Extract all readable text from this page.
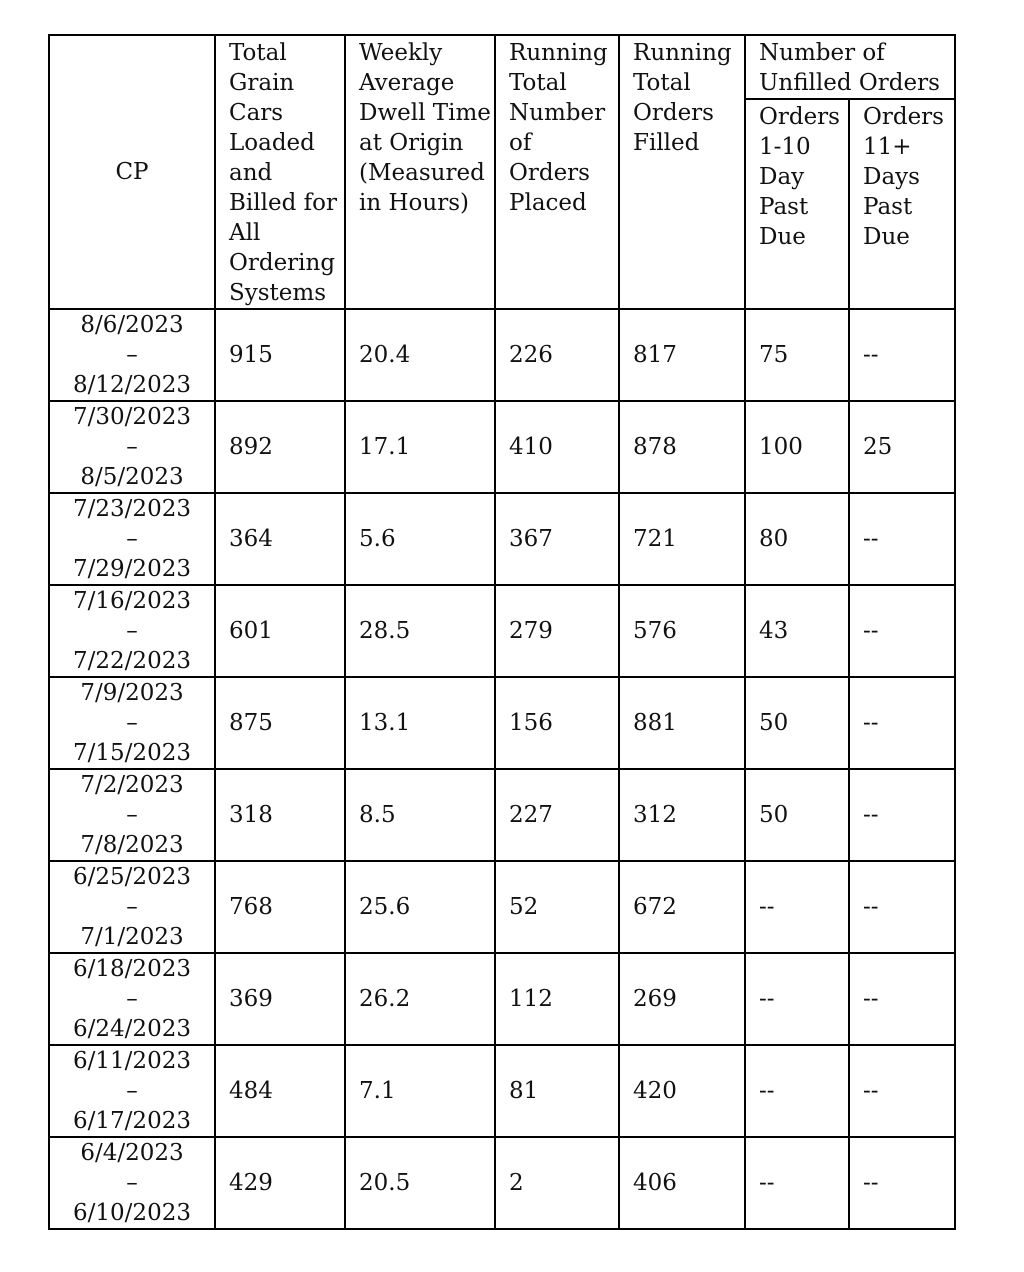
CP	Total Grain Cars Loaded and Billed for All Ordering Systems	Weekly Average Dwell Time at Origin (Measured in Hours)	Running Total Number of Orders Placed	Running Total Orders Filled	Number of Unfilled Orders	
					Orders 1-10 Day Past Due	Orders 11+ Days Past Due

8/6/2023
–
8/12/2023	915	20.4	226	817	75	--

7/30/2023
–
8/5/2023	892	17.1	410	878	100	25

7/23/2023
–
7/29/2023	364	5.6	367	721	80	--

7/16/2023
–
7/22/2023	601	28.5	279	576	43	--

7/9/2023
–
7/15/2023	875	13.1	156	881	50	--

7/2/2023
–
7/8/2023	318	8.5	227	312	50	--

6/25/2023
–
7/1/2023	768	25.6	52	672	--	--

6/18/2023
–
6/24/2023	369	26.2	112	269	--	--

6/11/2023
–
6/17/2023	484	7.1	81	420	--	--

6/4/2023
–
6/10/2023	429	20.5	2	406	--	--
